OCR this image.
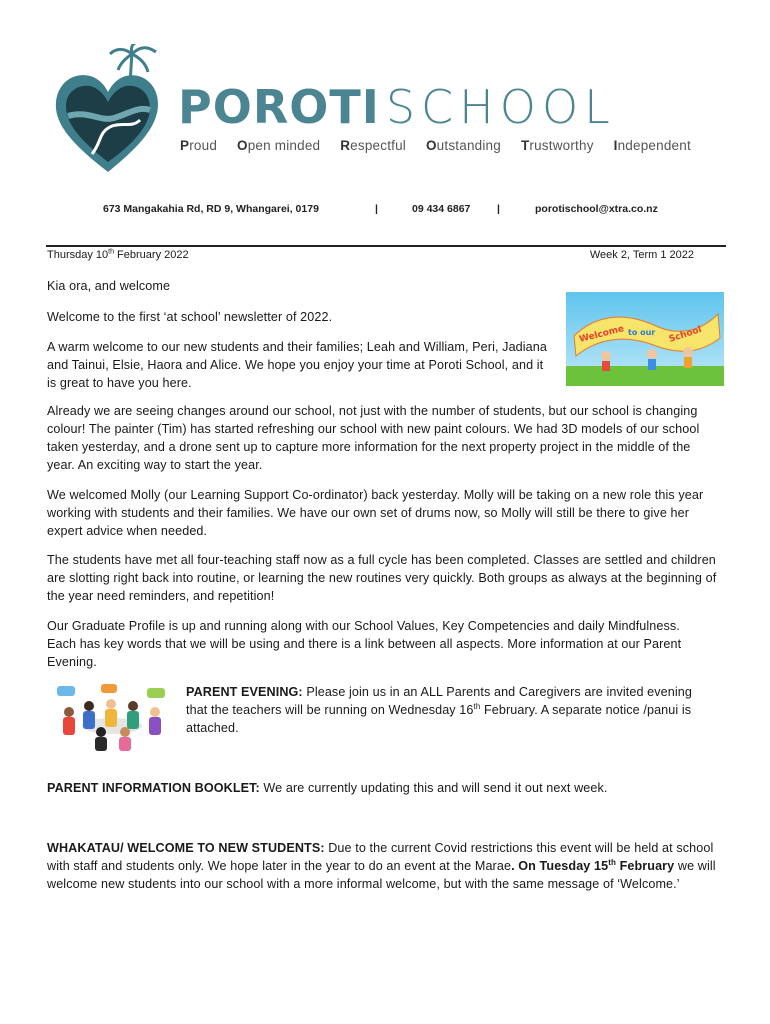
POROTI SCHOOL
Proud Open minded Respectful Outstanding Trustworthy Independent
673 Mangakahia Rd, RD 9, Whangarei, 0179	|	09 434 6867	|	porotischool@xtra.co.nz
Thursday 10th February 2022	Week 2, Term 1 2022
Welcome to our School
Kia ora, and welcome
Welcome to the first ‘at school’ newsletter of 2022.
A warm welcome to our new students and their families; Leah and William, Peri, Jadiana and Tainui, Elsie, Haora and Alice. We hope you enjoy your time at Poroti School, and it is great to have you here.
Already we are seeing changes around our school, not just with the number of students, but our school is changing colour! The painter (Tim) has started refreshing our school with new paint colours. We had 3D models of our school taken yesterday, and a drone sent up to capture more information for the next property project in the middle of the year. An exciting way to start the year.
We welcomed Molly (our Learning Support Co-ordinator) back yesterday. Molly will be taking on a new role this year working with students and their families. We have our own set of drums now, so Molly will still be there to give her expert advice when needed.
The students have met all four-teaching staff now as a full cycle has been completed. Classes are settled and children are slotting right back into routine, or learning the new routines very quickly. Both groups as always at the beginning of the year need reminders, and repetition!
Our Graduate Profile is up and running along with our School Values, Key Competencies and daily Mindfulness. Each has key words that we will be using and there is a link between all aspects. More information at our Parent Evening.
PARENT EVENING: Please join us in an ALL Parents and Caregivers are invited evening that the teachers will be running on Wednesday 16th February. A separate notice /panui is attached.
PARENT INFORMATION BOOKLET: We are currently updating this and will send it out next week.
WHAKATAU/ WELCOME TO NEW STUDENTS: Due to the current Covid restrictions this event will be held at school with staff and students only. We hope later in the year to do an event at the Marae. On Tuesday 15th February we will welcome new students into our school with a more informal welcome, but with the same message of ‘Welcome.’
